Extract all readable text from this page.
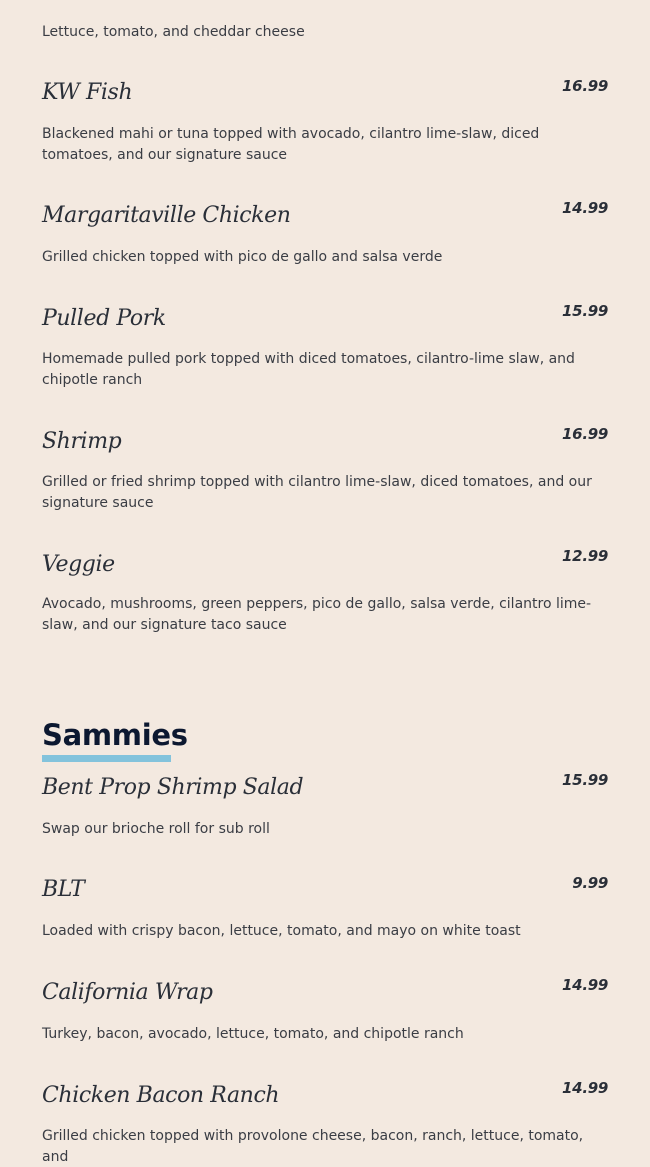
Lettuce, tomato, and cheddar cheese

KW Fish	16.99

Blackened mahi or tuna topped with avocado, cilantro lime-slaw, diced tomatoes, and our signature sauce

Margaritaville Chicken	14.99

Grilled chicken topped with pico de gallo and salsa verde

Pulled Pork	15.99

Homemade pulled pork topped with diced tomatoes, cilantro-lime slaw, and chipotle ranch

Shrimp	16.99

Grilled or fried shrimp topped with cilantro lime-slaw, diced tomatoes, and our signature sauce

Veggie	12.99

Avocado, mushrooms, green peppers, pico de gallo, salsa verde, cilantro lime-slaw, and our signature taco sauce

Sammies

Bent Prop Shrimp Salad	15.99

Swap our brioche roll for sub roll

BLT	9.99

Loaded with crispy bacon, lettuce, tomato, and mayo on white toast

California Wrap	14.99

Turkey, bacon, avocado, lettuce, tomato, and chipotle ranch

Chicken Bacon Ranch	14.99

Grilled chicken topped with provolone cheese, bacon, ranch, lettuce, tomato, and
